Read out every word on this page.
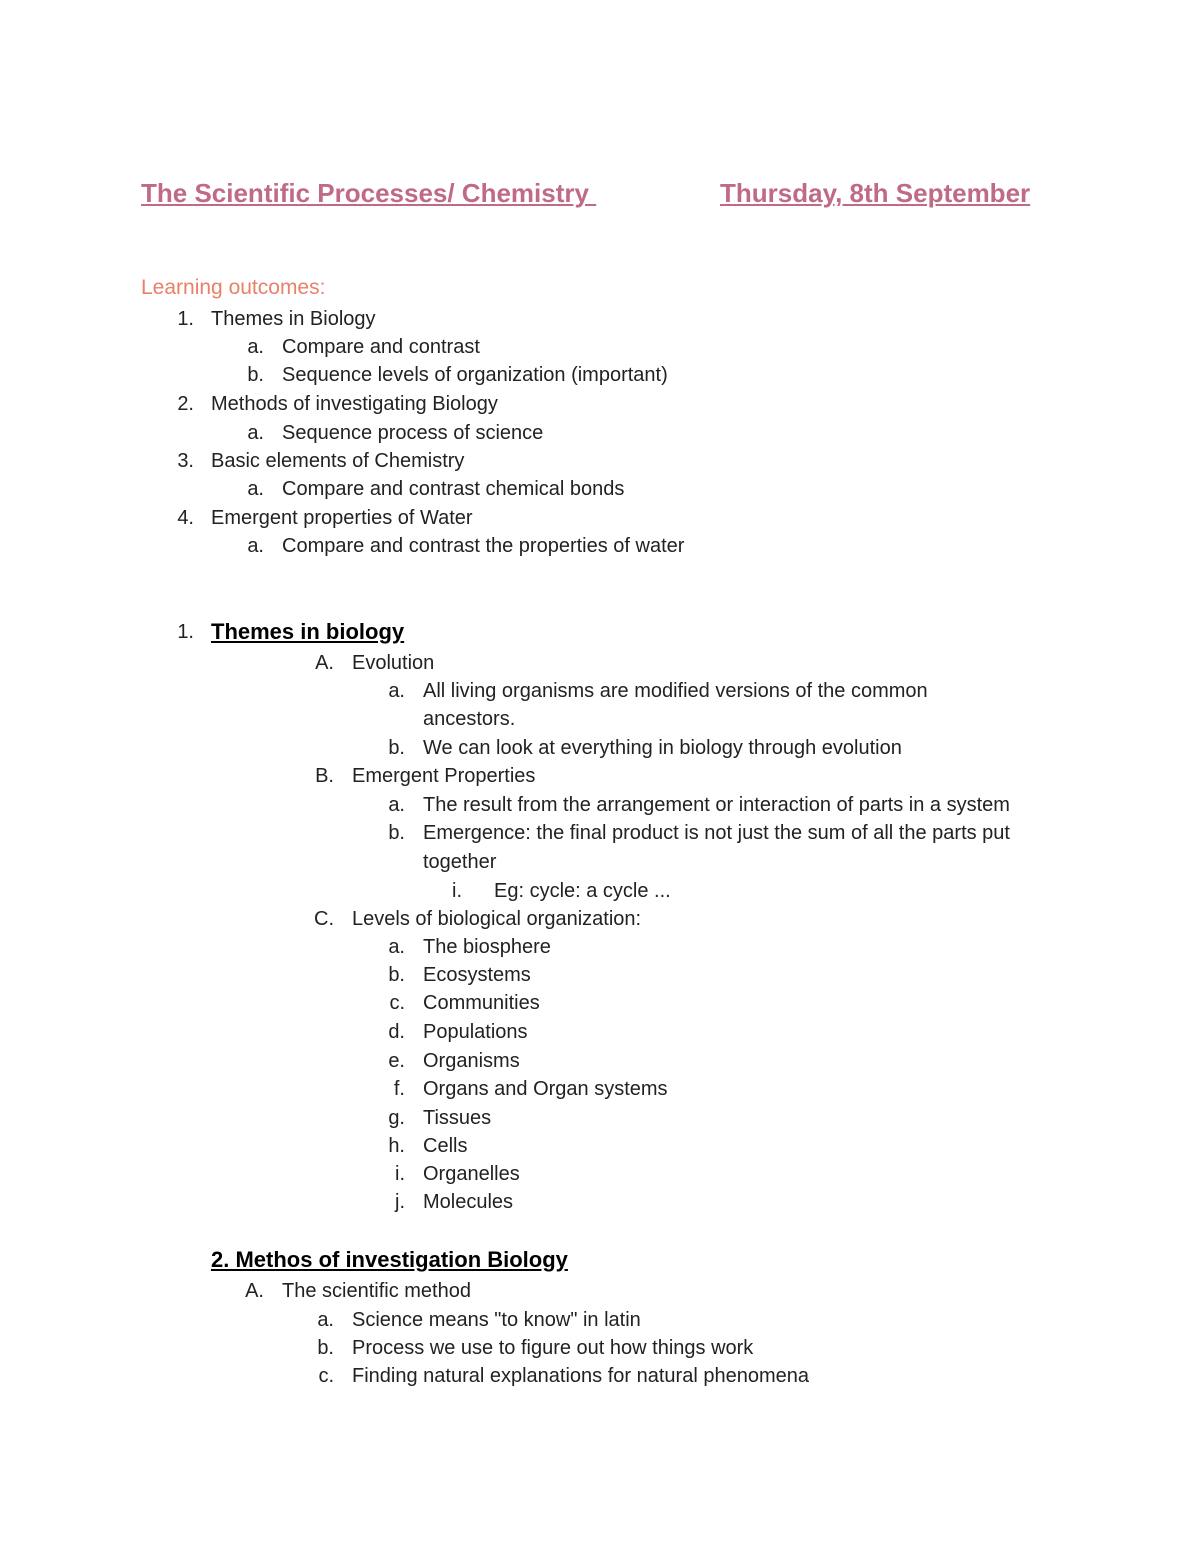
The Scientific Processes/ Chemistry	Thursday, 8th September
Learning outcomes:
1. Themes in Biology
a. Compare and contrast
b. Sequence levels of organization (important)
2. Methods of investigating Biology
a. Sequence process of science
3. Basic elements of Chemistry
a. Compare and contrast chemical bonds
4. Emergent properties of Water
a. Compare and contrast the properties of water
1. Themes in biology
A. Evolution
a. All living organisms are modified versions of the common
ancestors.
b. We can look at everything in biology through evolution
B. Emergent Properties
a. The result from the arrangement or interaction of parts in a system
b. Emergence: the final product is not just the sum of all the parts put
together
i. Eg: cycle: a cycle ...
C. Levels of biological organization:
a. The biosphere
b. Ecosystems
c. Communities
d. Populations
e. Organisms
f. Organs and Organ systems
g. Tissues
h. Cells
i. Organelles
j. Molecules
2. Methos of investigation Biology
A. The scientific method
a. Science means "to know" in latin
b. Process we use to figure out how things work
c. Finding natural explanations for natural phenomena
